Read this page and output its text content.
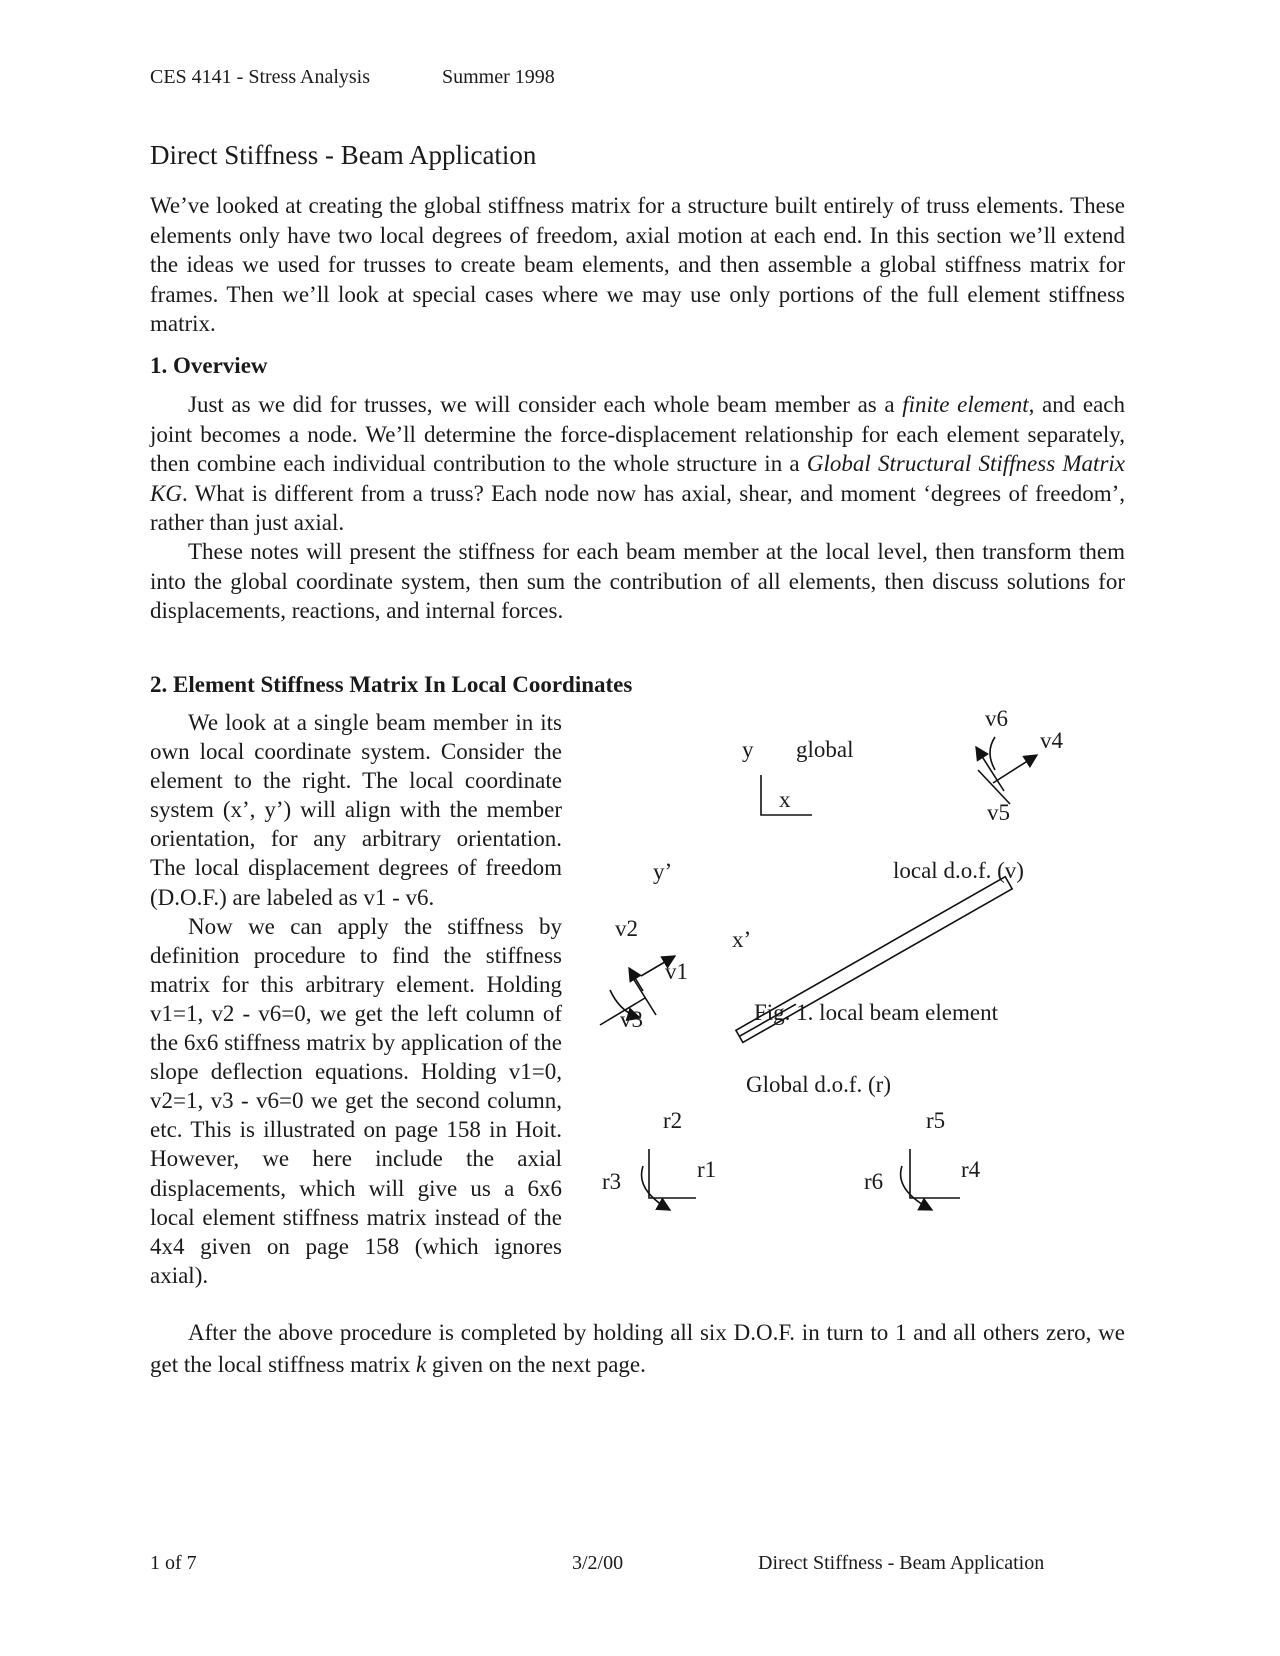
CES 4141 - Stress Analysis	Summer 1998
Direct Stiffness - Beam Application

We’ve looked at creating the global stiffness matrix for a structure built entirely of truss elements. These elements only have two local degrees of freedom, axial motion at each end. In this section we’ll extend the ideas we used for trusses to create beam elements, and then assemble a global stiffness matrix for frames. Then we’ll look at special cases where we may use only portions of the full element stiffness matrix.

1. Overview

Just as we did for trusses, we will consider each whole beam member as a finite element, and each joint becomes a node. We’ll determine the force-displacement relationship for each element separately, then combine each individual contribution to the whole structure in a Global Structural Stiffness Matrix KG. What is different from a truss? Each node now has axial, shear, and moment ‘degrees of freedom’, rather than just axial.

These notes will present the stiffness for each beam member at the local level, then transform them into the global coordinate system, then sum the contribution of all elements, then discuss solutions for displacements, reactions, and internal forces.

2. Element Stiffness Matrix In Local Coordinates

We look at a single beam member in its own local coordinate system. Consider the element to the right. The local coordinate system (x’, y’) will align with the member orientation, for any arbitrary orientation. The local displacement degrees of freedom (D.O.F.) are labeled as v1 - v6.

Now we can apply the stiffness by definition procedure to find the stiffness matrix for this arbitrary element. Holding v1=1, v2 - v6=0, we get the left column of the 6x6 stiffness matrix by application of the slope deflection equations. Holding v1=0, v2=1, v3 - v6=0 we get the second column, etc. This is illustrated on page 158 in Hoit. However, we here include the axial displacements, which will give us a 6x6 local element stiffness matrix instead of the 4x4 given on page 158 (which ignores axial).

y global
x
y’
x’
v2
v1
v3
v6
v4
v5
local d.o.f. (v)
Fig. 1. local beam element
Global d.o.f. (r)
r2
r1
r3
r5
r4
r6

After the above procedure is completed by holding all six D.O.F. in turn to 1 and all others zero, we get the local stiffness matrix k given on the next page.

1 of 7	3/2/00	Direct Stiffness - Beam Application
